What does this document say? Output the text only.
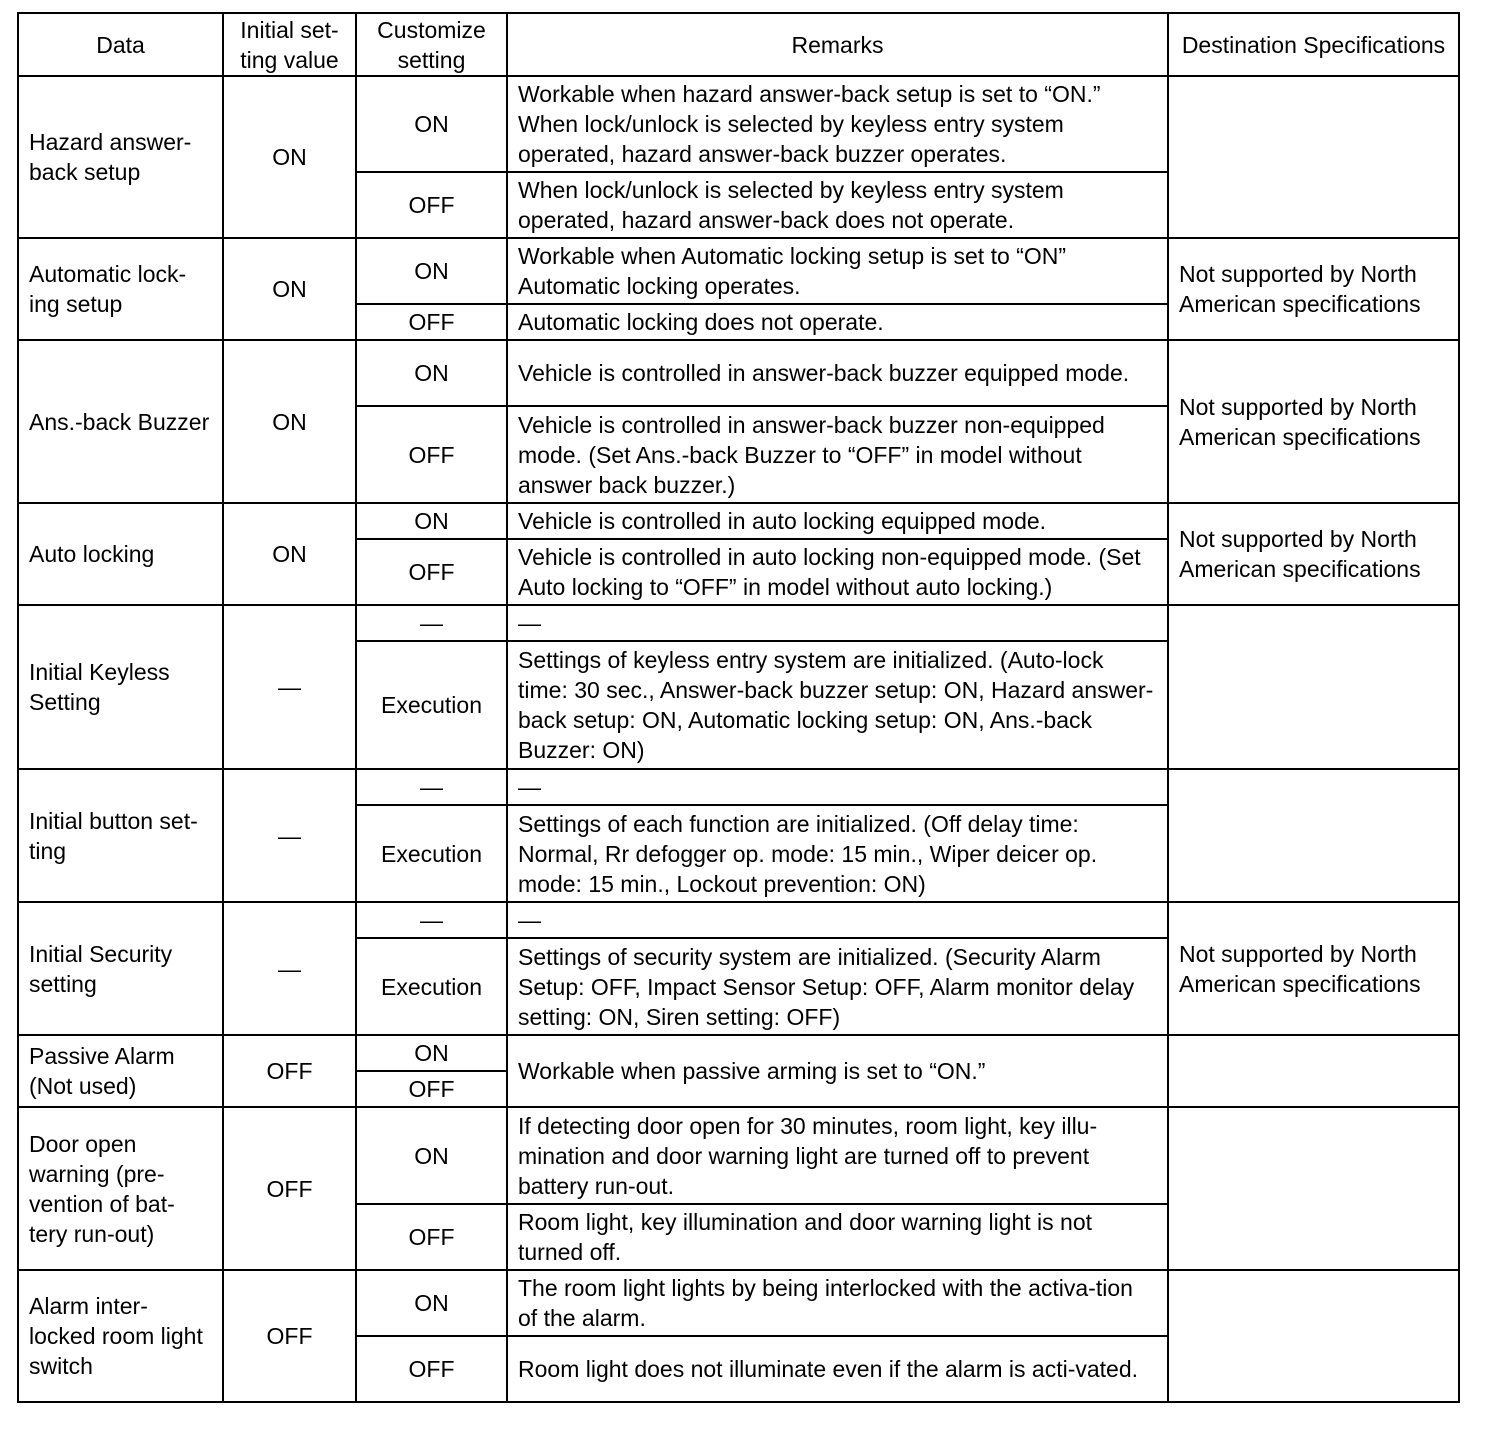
Data	Initial set-ting value	Customize setting	Remarks	Destination Specifications
Hazard answer-back setup	ON	ON	Workable when hazard answer-back setup is set to “ON.” When lock/unlock is selected by keyless entry system operated, hazard answer-back buzzer operates.	
		OFF	When lock/unlock is selected by keyless entry system operated, hazard answer-back does not operate.	
Automatic lock-ing setup	ON	ON	Workable when Automatic locking setup is set to “ON” Automatic locking operates.	Not supported by North American specifications
		OFF	Automatic locking does not operate.	
Ans.-back Buzzer	ON	ON	Vehicle is controlled in answer-back buzzer equipped mode.	Not supported by North American specifications
		OFF	Vehicle is controlled in answer-back buzzer non-equipped mode. (Set Ans.-back Buzzer to “OFF” in model without answer back buzzer.)	
Auto locking	ON	ON	Vehicle is controlled in auto locking equipped mode.	Not supported by North American specifications
		OFF	Vehicle is controlled in auto locking non-equipped mode. (Set Auto locking to “OFF” in model without auto locking.)	
Initial Keyless Setting	—	—	—	
		Execution	Settings of keyless entry system are initialized. (Auto-lock time: 30 sec., Answer-back buzzer setup: ON, Hazard answer-back setup: ON, Automatic locking setup: ON, Ans.-back Buzzer: ON)	
Initial button set-ting	—	—	—	
		Execution	Settings of each function are initialized. (Off delay time: Normal, Rr defogger op. mode: 15 min., Wiper deicer op. mode: 15 min., Lockout prevention: ON)	
Initial Security setting	—	—	—	Not supported by North American specifications
		Execution	Settings of security system are initialized. (Security Alarm Setup: OFF, Impact Sensor Setup: OFF, Alarm monitor delay setting: ON, Siren setting: OFF)	
Passive Alarm (Not used)	OFF	ON	Workable when passive arming is set to “ON.”	
		OFF		
Door open warning (pre-vention of bat-tery run-out)	OFF	ON	If detecting door open for 30 minutes, room light, key illu-mination and door warning light are turned off to prevent battery run-out.	
		OFF	Room light, key illumination and door warning light is not turned off.	
Alarm inter-locked room light switch	OFF	ON	The room light lights by being interlocked with the activa-tion of the alarm.	
		OFF	Room light does not illuminate even if the alarm is acti-vated.	
